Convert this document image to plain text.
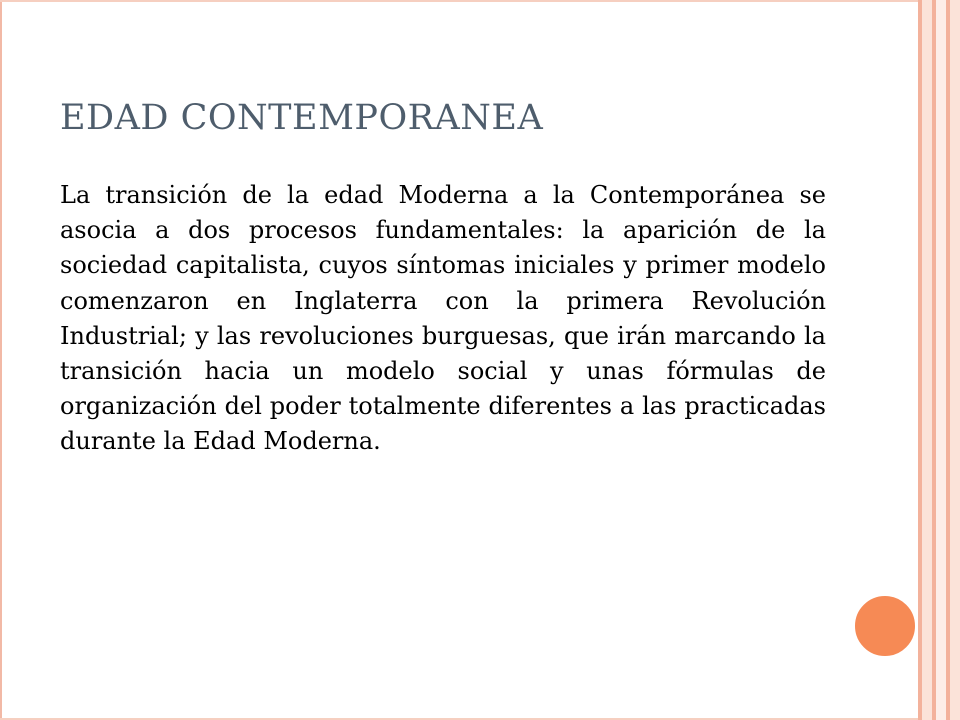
EDAD CONTEMPORANEA

La transición de la edad Moderna a la Contemporánea se asocia a dos procesos fundamentales: la aparición de la sociedad capitalista, cuyos síntomas iniciales y primer modelo comenzaron en Inglaterra con la primera Revolución Industrial; y las revoluciones burguesas, que irán marcando la transición hacia un modelo social y unas fórmulas de organización del poder totalmente diferentes a las practicadas durante la Edad Moderna.
